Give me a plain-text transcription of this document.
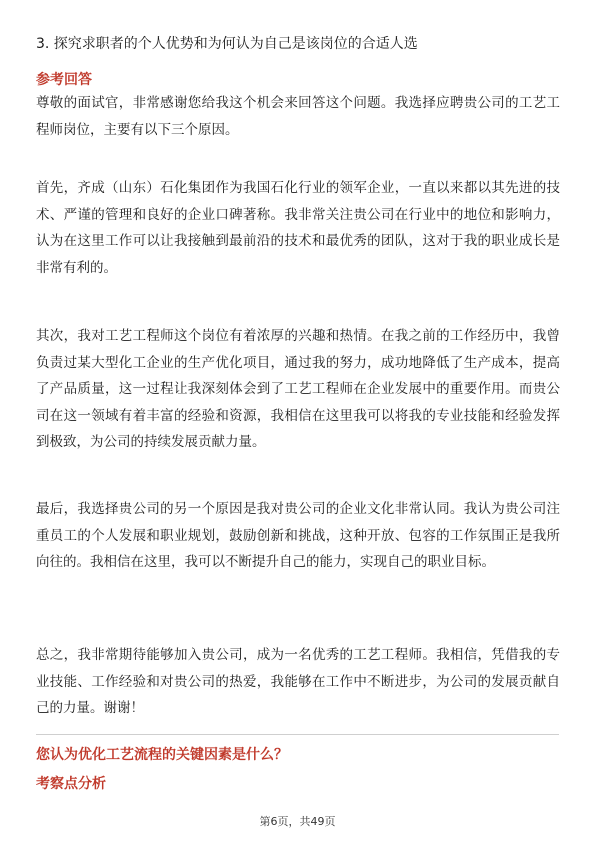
3. 探究求职者的个人优势和为何认为自己是该岗位的合适人选
参考回答
尊敬的面试官，非常感谢您给我这个机会来回答这个问题。我选择应聘贵公司的工艺工程师岗位，主要有以下三个原因。
首先，齐成（山东）石化集团作为我国石化行业的领军企业，一直以来都以其先进的技术、严谨的管理和良好的企业口碑著称。我非常关注贵公司在行业中的地位和影响力，认为在这里工作可以让我接触到最前沿的技术和最优秀的团队，这对于我的职业成长是非常有利的。
其次，我对工艺工程师这个岗位有着浓厚的兴趣和热情。在我之前的工作经历中，我曾负责过某大型化工企业的生产优化项目，通过我的努力，成功地降低了生产成本，提高了产品质量，这一过程让我深刻体会到了工艺工程师在企业发展中的重要作用。而贵公司在这一领域有着丰富的经验和资源，我相信在这里我可以将我的专业技能和经验发挥到极致，为公司的持续发展贡献力量。
最后，我选择贵公司的另一个原因是我对贵公司的企业文化非常认同。我认为贵公司注重员工的个人发展和职业规划，鼓励创新和挑战，这种开放、包容的工作氛围正是我所向往的。我相信在这里，我可以不断提升自己的能力，实现自己的职业目标。
总之，我非常期待能够加入贵公司，成为一名优秀的工艺工程师。我相信，凭借我的专业技能、工作经验和对贵公司的热爱，我能够在工作中不断进步，为公司的发展贡献自己的力量。谢谢！
您认为优化工艺流程的关键因素是什么？
考察点分析
第6页，共49页
